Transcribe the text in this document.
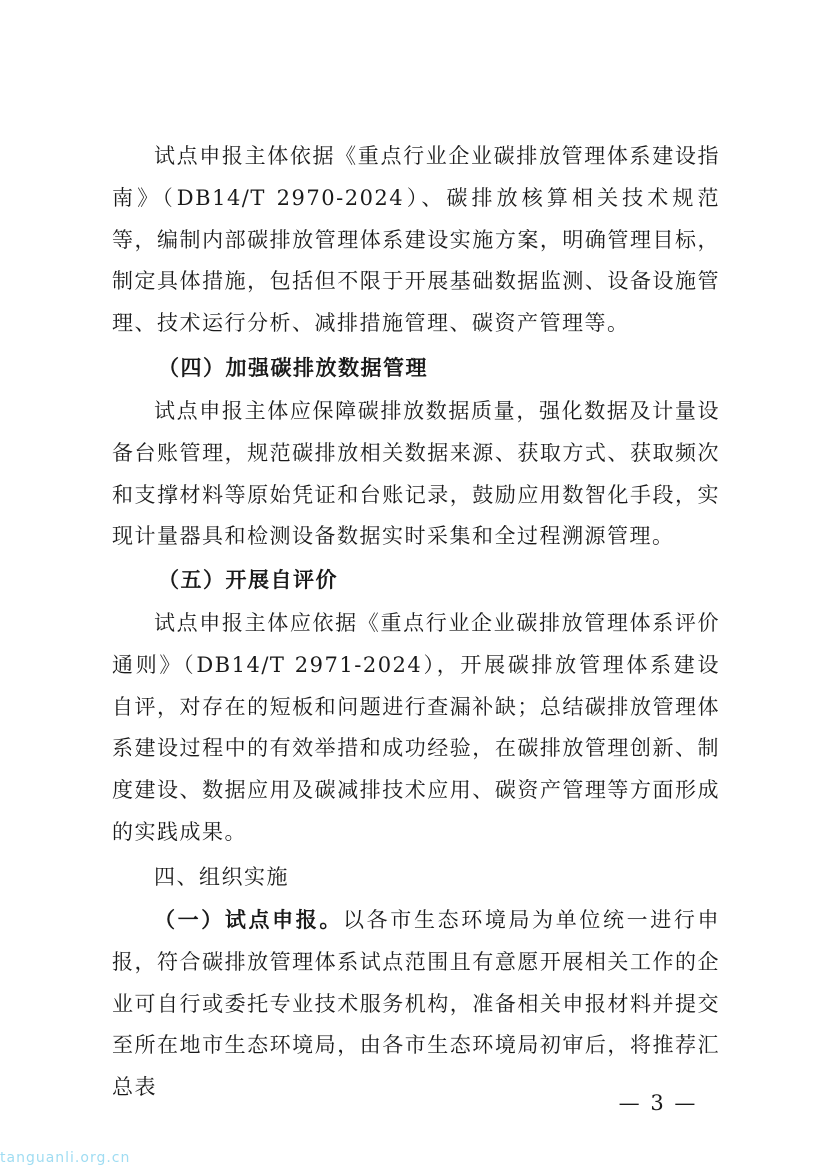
试点申报主体依据《重点行业企业碳排放管理体系建设指南》（DB14/T 2970-2024）、碳排放核算相关技术规范等，编制内部碳排放管理体系建设实施方案，明确管理目标，制定具体措施，包括但不限于开展基础数据监测、设备设施管理、技术运行分析、减排措施管理、碳资产管理等。

（四）加强碳排放数据管理

试点申报主体应保障碳排放数据质量，强化数据及计量设备台账管理，规范碳排放相关数据来源、获取方式、获取频次和支撑材料等原始凭证和台账记录，鼓励应用数智化手段，实现计量器具和检测设备数据实时采集和全过程溯源管理。

（五）开展自评价

试点申报主体应依据《重点行业企业碳排放管理体系评价通则》（DB14/T 2971-2024），开展碳排放管理体系建设自评，对存在的短板和问题进行查漏补缺；总结碳排放管理体系建设过程中的有效举措和成功经验，在碳排放管理创新、制度建设、数据应用及碳减排技术应用、碳资产管理等方面形成的实践成果。

四、组织实施

（一）试点申报。以各市生态环境局为单位统一进行申报，符合碳排放管理体系试点范围且有意愿开展相关工作的企业可自行或委托专业技术服务机构，准备相关申报材料并提交至所在地市生态环境局，由各市生态环境局初审后，将推荐汇总表

— 3 —
tanguanli.org.cn
